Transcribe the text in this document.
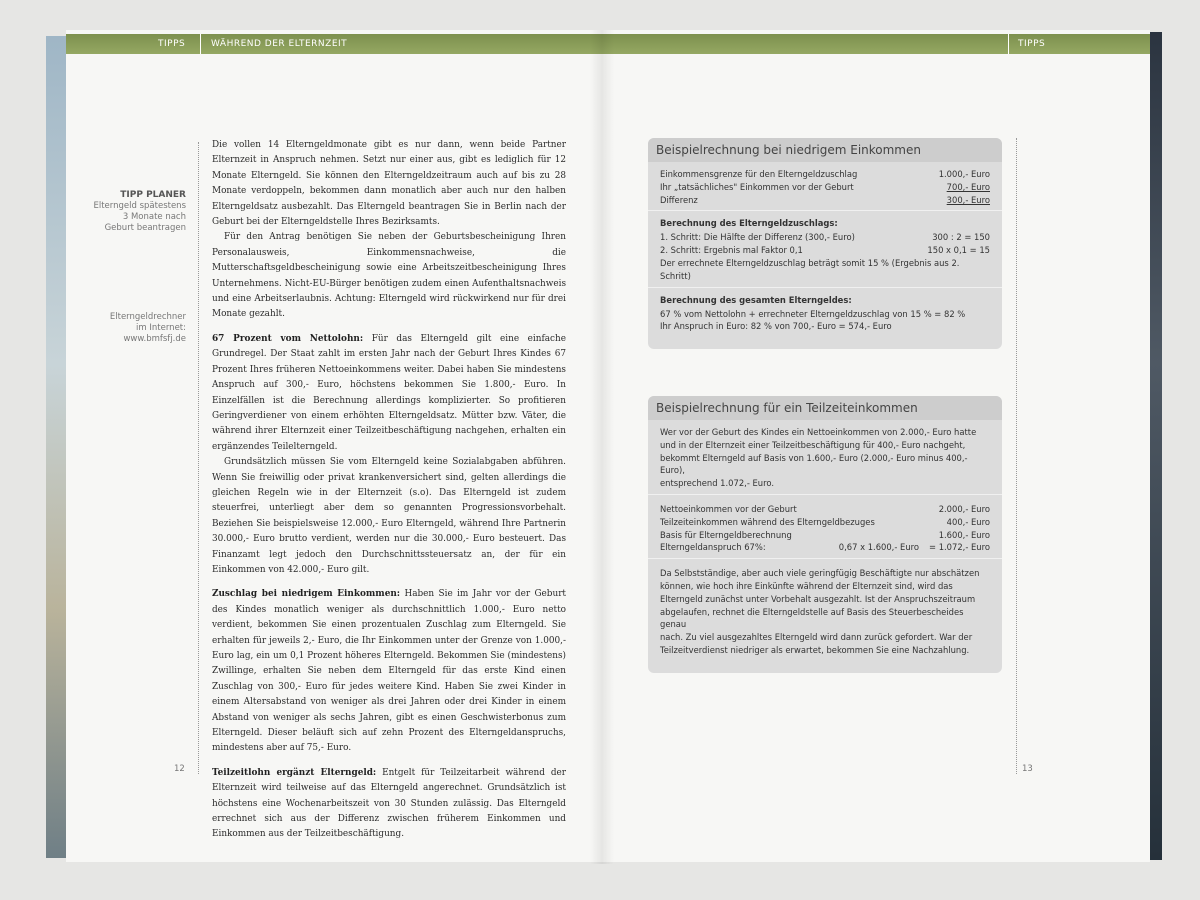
TIPPS	WÄHREND DER ELTERNZEIT
TIPP PLANER
Elterngeld spätestens
3 Monate nach
Geburt beantragen
Elterngeldrechner
im Internet:
www.bmfsfj.de

Die vollen 14 Elterngeldmonate gibt es nur dann, wenn beide Partner Elternzeit in Anspruch nehmen. Setzt nur einer aus, gibt es lediglich für 12 Monate Elterngeld. Sie können den Elterngeldzeitraum auch auf bis zu 28 Monate verdoppeln, bekommen dann monatlich aber auch nur den halben Elterngeldsatz ausbezahlt. Das Elterngeld beantragen Sie in Berlin nach der Geburt bei der Elterngeldstelle Ihres Bezirksamts.

Für den Antrag benötigen Sie neben der Geburtsbescheinigung Ihren Personalausweis, Einkommensnachweise, die Mutterschaftsgeldbescheinigung sowie eine Arbeitszeitbescheinigung Ihres Unternehmens. Nicht-EU-Bürger benötigen zudem einen Aufenthaltsnachweis und eine Arbeitserlaubnis. Achtung: Elterngeld wird rückwirkend nur für drei Monate gezahlt.

67 Prozent vom Nettolohn: Für das Elterngeld gilt eine einfache Grundregel. Der Staat zahlt im ersten Jahr nach der Geburt Ihres Kindes 67 Prozent Ihres früheren Nettoeinkommens weiter. Dabei haben Sie mindestens Anspruch auf 300,- Euro, höchstens bekommen Sie 1.800,- Euro. In Einzelfällen ist die Berechnung allerdings komplizierter. So profitieren Geringverdiener von einem erhöhten Elterngeldsatz. Mütter bzw. Väter, die während ihrer Elternzeit einer Teilzeitbeschäftigung nachgehen, erhalten ein ergänzendes Teilelterngeld.

Grundsätzlich müssen Sie vom Elterngeld keine Sozialabgaben abführen. Wenn Sie freiwillig oder privat krankenversichert sind, gelten allerdings die gleichen Regeln wie in der Elternzeit (s.o). Das Elterngeld ist zudem steuerfrei, unterliegt aber dem so genannten Progressionsvorbehalt. Beziehen Sie beispielsweise 12.000,- Euro Elterngeld, während Ihre Partnerin 30.000,- Euro brutto verdient, werden nur die 30.000,- Euro besteuert. Das Finanzamt legt jedoch den Durchschnittssteuersatz an, der für ein Einkommen von 42.000,- Euro gilt.

Zuschlag bei niedrigem Einkommen: Haben Sie im Jahr vor der Geburt des Kindes monatlich weniger als durchschnittlich 1.000,- Euro netto verdient, bekommen Sie einen prozentualen Zuschlag zum Elterngeld. Sie erhalten für jeweils 2,- Euro, die Ihr Einkommen unter der Grenze von 1.000,- Euro lag, ein um 0,1 Prozent höheres Elterngeld. Bekommen Sie (mindestens) Zwillinge, erhalten Sie neben dem Elterngeld für das erste Kind einen Zuschlag von 300,- Euro für jedes weitere Kind. Haben Sie zwei Kinder in einem Altersabstand von weniger als drei Jahren oder drei Kinder in einem Abstand von weniger als sechs Jahren, gibt es einen Geschwisterbonus zum Elterngeld. Dieser beläuft sich auf zehn Prozent des Elterngeldanspruchs, mindestens aber auf 75,- Euro.

Teilzeitlohn ergänzt Elterngeld: Entgelt für Teilzeitarbeit während der Elternzeit wird teilweise auf das Elterngeld angerechnet. Grundsätzlich ist höchstens eine Wochenarbeitszeit von 30 Stunden zulässig. Das Elterngeld errechnet sich aus der Differenz zwischen früherem Einkommen und Einkommen aus der Teilzeitbeschäftigung.

12
TIPPS
Beispielrechnung bei niedrigem Einkommen
Einkommensgrenze für den Elterngeldzuschlag	1.000,- Euro
Ihr „tatsächliches" Einkommen vor der Geburt	700,- Euro
Differenz	300,- Euro
Berechnung des Elterngeldzuschlags:
1. Schritt: Die Hälfte der Differenz (300,- Euro)	300 : 2 = 150
2. Schritt: Ergebnis mal Faktor 0,1	150 x 0,1 = 15
Der errechnete Elterngeldzuschlag beträgt somit 15 % (Ergebnis aus 2. Schritt)
Berechnung des gesamten Elterngeldes:
67 % vom Nettolohn + errechneter Elterngeldzuschlag von 15 % = 82 %
Ihr Anspruch in Euro: 82 % von 700,- Euro = 574,- Euro
Beispielrechnung für ein Teilzeiteinkommen
Wer vor der Geburt des Kindes ein Nettoeinkommen von 2.000,- Euro hatte
und in der Elternzeit einer Teilzeitbeschäftigung für 400,- Euro nachgeht,
bekommt Elterngeld auf Basis von 1.600,- Euro (2.000,- Euro minus 400,- Euro),
entsprechend 1.072,- Euro.
Nettoeinkommen vor der Geburt	2.000,- Euro
Teilzeiteinkommen während des Elterngeldbezuges	400,- Euro
Basis für Elterngeldberechnung	1.600,- Euro
Elterngeldanspruch 67%:	0,67 x 1.600,- Euro = 1.072,- Euro
Da Selbstständige, aber auch viele geringfügig Beschäftigte nur abschätzen
können, wie hoch ihre Einkünfte während der Elternzeit sind, wird das
Elterngeld zunächst unter Vorbehalt ausgezahlt. Ist der Anspruchszeitraum
abgelaufen, rechnet die Elterngeldstelle auf Basis des Steuerbescheides genau
nach. Zu viel ausgezahltes Elterngeld wird dann zurück gefordert. War der
Teilzeitverdienst niedriger als erwartet, bekommen Sie eine Nachzahlung.
13
